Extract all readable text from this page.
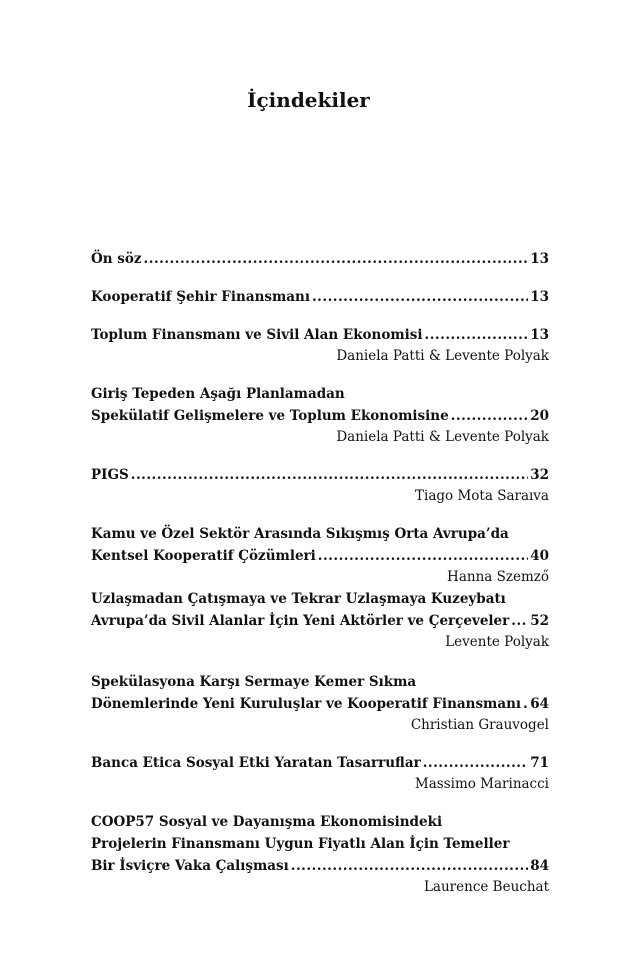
İçindekiler
Ön söz .....	13
Kooperatif Şehir Finansmanı .....	13
Toplum Finansmanı ve Sivil Alan Ekonomisi .....	13
Daniela Patti & Levente Polyak
Giriş Tepeden Aşağı Planlamadan
Spekülatif Gelişmelere ve Toplum Ekonomisine .....	20
Daniela Patti & Levente Polyak
PIGS .....	32
Tiago Mota Saraıva
Kamu ve Özel Sektör Arasında Sıkışmış Orta Avrupa’da
Kentsel Kooperatif Çözümleri .....	40
Hanna Szemző
Uzlaşmadan Çatışmaya ve Tekrar Uzlaşmaya Kuzeybatı
Avrupa’da Sivil Alanlar İçin Yeni Aktörler ve Çerçeveler ..... 52
Levente Polyak
Spekülasyona Karşı Sermaye Kemer Sıkma
Dönemlerinde Yeni Kuruluşlar ve Kooperatif Finansmanı ..... 64
Christian Grauvogel
Banca Etica Sosyal Etki Yaratan Tasarruflar .....	71
Massimo Marinacci
COOP57 Sosyal ve Dayanışma Ekonomisindeki
Projelerin Finansmanı Uygun Fiyatlı Alan İçin Temeller
Bir İsviçre Vaka Çalışması .....	84
Laurence Beuchat
